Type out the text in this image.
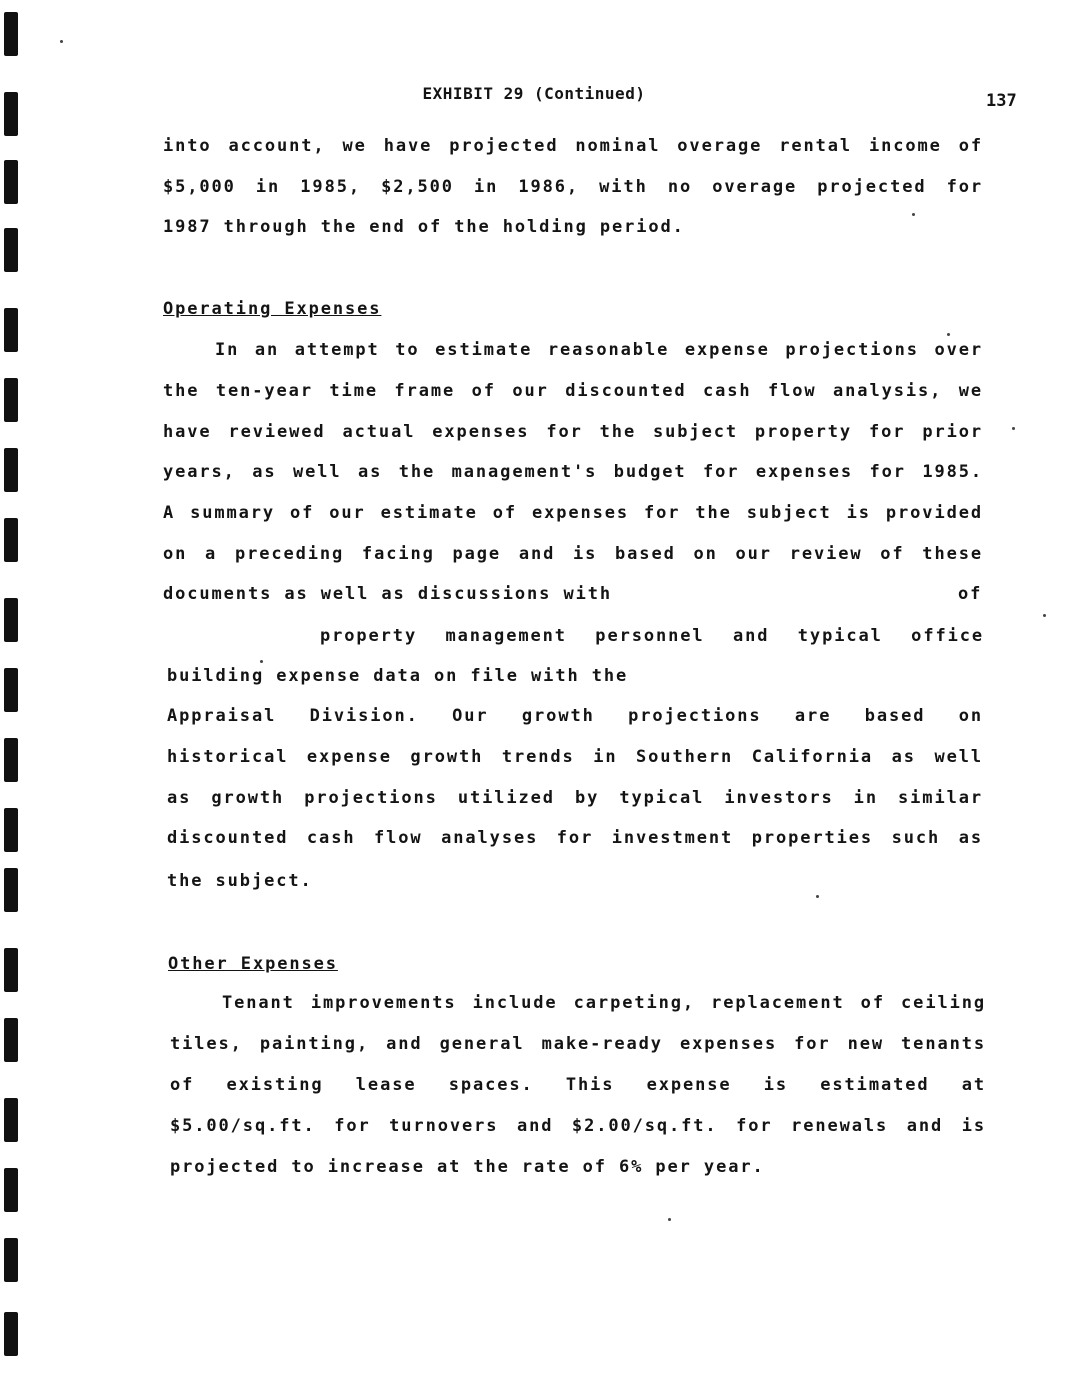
EXHIBIT 29 (Continued)	137
into account, we have projected nominal overage rental income of
$5,000 in 1985, $2,500 in 1986, with no overage projected for
1987 through the end of the holding period.
Operating Expenses
In an attempt to estimate reasonable expense projections over
the ten-year time frame of our discounted cash flow analysis, we
have reviewed actual expenses for the subject property for prior
years, as well as the management's budget for expenses for 1985.
A summary of our estimate of expenses for the subject is provided
on a preceding facing page and is based on our review of these
documents as well as discussions with	of
property management personnel and typical office
building expense data on file with the
Appraisal Division. Our growth projections are based on
historical expense growth trends in Southern California as well
as growth projections utilized by typical investors in similar
discounted cash flow analyses for investment properties such as
the subject.
Other Expenses
Tenant improvements include carpeting, replacement of ceiling
tiles, painting, and general make-ready expenses for new tenants
of existing lease spaces. This expense is estimated at
$5.00/sq.ft. for turnovers and $2.00/sq.ft. for renewals and is
projected to increase at the rate of 6% per year.
